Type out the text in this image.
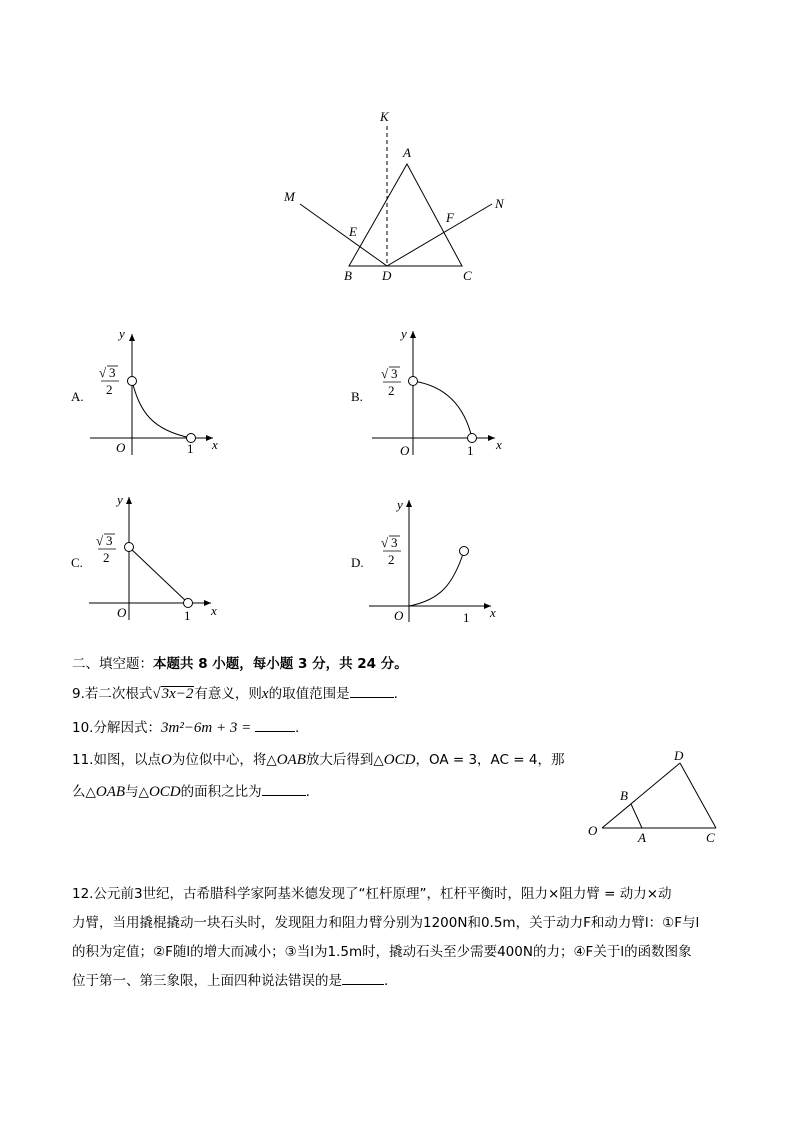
K
A
M	N
E
F
B D	C
A.
y
x
O	1
√ 3
2	B.
y
x
O	1
√ 3
2
C.
y
x
O	1
√ 3
2	D.
y
x
O	1
√ 3
2
二、填空题：本题共 8 小题，每小题 3 分，共 24 分。
9.若二次根式√3x−2有意义，则x的取值范围是	.
10.分解因式：3m²−6m + 3 =	.
11.如图，以点O为位似中心，将△OAB放大后得到△OCD，OA = 3，AC = 4，那
么△OAB与△OCD的面积之比为	.
D
B
O	A	C
12.公元前3世纪，古希腊科学家阿基米德发现了“杠杆原理”，杠杆平衡时，阻力×阻力臂 = 动力×动
力臂，当用撬棍撬动一块石头时，发现阻力和阻力臂分别为1200N和0.5m，关于动力F和动力臂l：①F与l
的积为定值；②F随l的增大而减小；③当l为1.5m时，撬动石头至少需要400N的力；④F关于l的函数图象
位于第一、第三象限，上面四种说法错误的是	.
